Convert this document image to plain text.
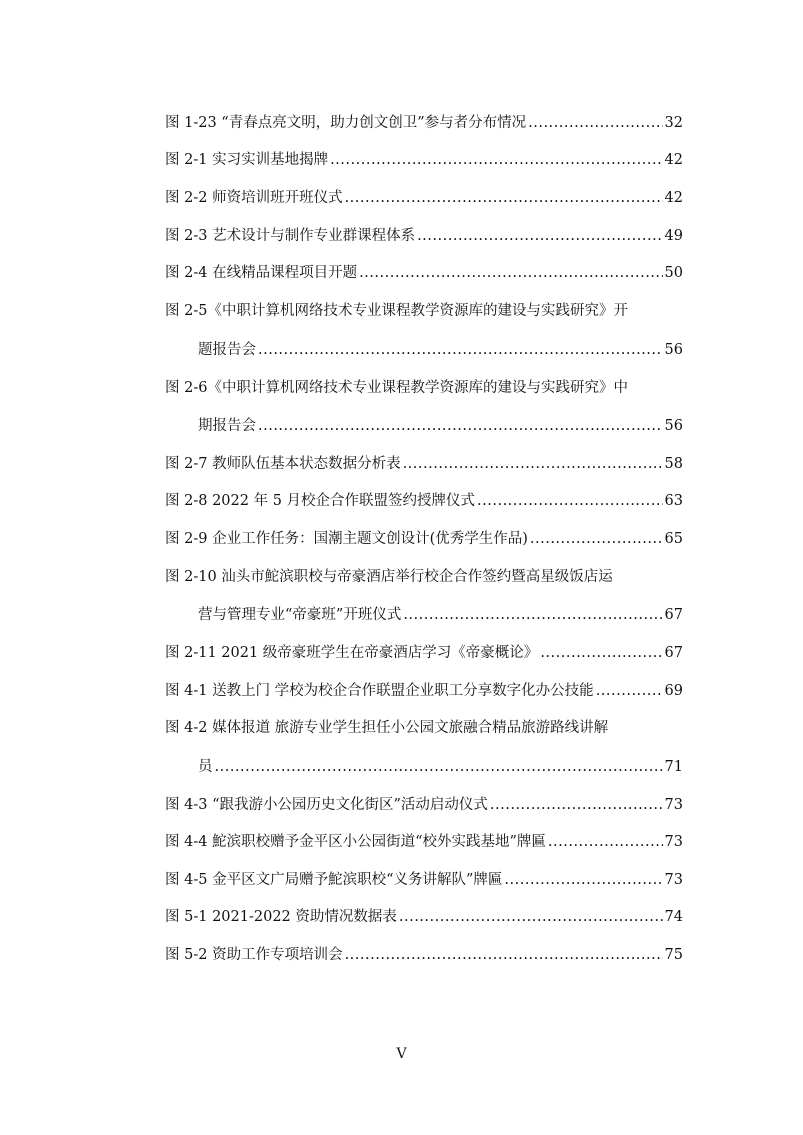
图 1-23 “青春点亮文明，助力创文创卫”参与者分布情况 .....	32
图 2-1 实习实训基地揭牌 .....	42
图 2-2 师资培训班开班仪式 .....	42
图 2-3 艺术设计与制作专业群课程体系 .....	49
图 2-4 在线精品课程项目开题 .....	50
图 2-5《中职计算机网络技术专业课程教学资源库的建设与实践研究》开
题报告会 .....	56
图 2-6《中职计算机网络技术专业课程教学资源库的建设与实践研究》中
期报告会 .....	56
图 2-7 教师队伍基本状态数据分析表 .....	58
图 2-8 2022 年 5 月校企合作联盟签约授牌仪式 .....	63
图 2-9 企业工作任务：国潮主题文创设计(优秀学生作品) .....	65
图 2-10 汕头市鮀滨职校与帝豪酒店举行校企合作签约暨高星级饭店运
营与管理专业“帝豪班”开班仪式 .....	67
图 2-11 2021 级帝豪班学生在帝豪酒店学习《帝豪概论》 .....	67
图 4-1 送教上门 学校为校企合作联盟企业职工分享数字化办公技能 .....	69
图 4-2 媒体报道 旅游专业学生担任小公园文旅融合精品旅游路线讲解
员 .....	71
图 4-3 “跟我游小公园历史文化街区”活动启动仪式 .....	73
图 4-4 鮀滨职校赠予金平区小公园街道“校外实践基地”牌匾 .....	73
图 4-5 金平区文广局赠予鮀滨职校“义务讲解队”牌匾 .....	73
图 5-1 2021-2022 资助情况数据表 .....	74
图 5-2 资助工作专项培训会 .....	75
V
